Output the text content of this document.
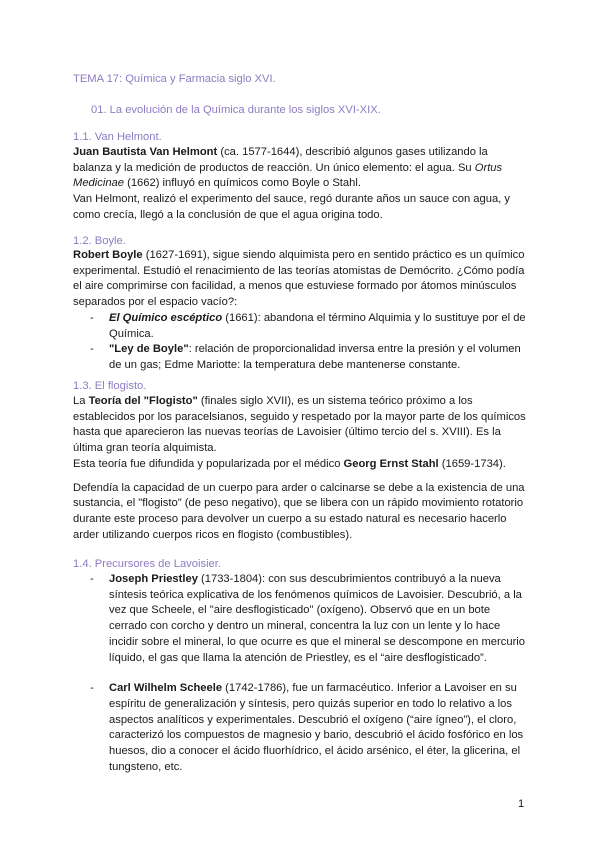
TEMA 17: Química y Farmacia siglo XVI.
01. La evolución de la Química durante los siglos XVI-XIX.
1.1. Van Helmont.

Juan Bautista Van Helmont (ca. 1577-1644), describió algunos gases utilizando la balanza y la medición de productos de reacción. Un único elemento: el agua. Su Ortus Medicinae (1662) influyó en químicos como Boyle o Stahl.

Van Helmont, realizó el experimento del sauce, regó durante años un sauce con agua, y como crecía, llegó a la conclusión de que el agua origina todo.

1.2. Boyle.

Robert Boyle (1627-1691), sigue siendo alquimista pero en sentido práctico es un químico experimental. Estudió el renacimiento de las teorías atomistas de Demócrito. ¿Cómo podía el aire comprimirse con facilidad, a menos que estuviese formado por átomos minúsculos separados por el espacio vacío?:

- El Químico escéptico (1661): abandona el término Alquimia y lo sustituye por el de Química.

- "Ley de Boyle": relación de proporcionalidad inversa entre la presión y el volumen de un gas; Edme Mariotte: la temperatura debe mantenerse constante.

1.3. El flogisto.

La Teoría del "Flogisto" (finales siglo XVII), es un sistema teórico próximo a los establecidos por los paracelsianos, seguido y respetado por la mayor parte de los químicos hasta que aparecieron las nuevas teorías de Lavoisier (último tercio del s. XVIII). Es la última gran teoría alquimista.

Esta teoría fue difundida y popularizada por el médico Georg Ernst Stahl (1659-1734).

Defendía la capacidad de un cuerpo para arder o calcinarse se debe a la existencia de una sustancia, el "flogisto" (de peso negativo), que se libera con un rápido movimiento rotatorio durante este proceso para devolver un cuerpo a su estado natural es necesario hacerlo arder utilizando cuerpos ricos en flogisto (combustibles).

1.4. Precursores de Lavoisier.

- Joseph Priestley (1733-1804): con sus descubrimientos contribuyó a la nueva síntesis teórica explicativa de los fenómenos químicos de Lavoisier. Descubrió, a la vez que Scheele, el "aire desflogisticado" (oxígeno). Observó que en un bote cerrado con corcho y dentro un mineral, concentra la luz con un lente y lo hace incidir sobre el mineral, lo que ocurre es que el mineral se descompone en mercurio líquido, el gas que llama la atención de Priestley, es el “aire desflogisticado”.

- Carl Wilhelm Scheele (1742-1786), fue un farmacéutico. Inferior a Lavoiser en su espíritu de generalización y síntesis, pero quizás superior en todo lo relativo a los aspectos analíticos y experimentales. Descubrió el oxígeno (“aire ígneo”), el cloro, caracterizó los compuestos de magnesio y bario, descubrió el ácido fosfórico en los huesos, dio a conocer el ácido fluorhídrico, el ácido arsénico, el éter, la glicerina, el tungsteno, etc.

1
